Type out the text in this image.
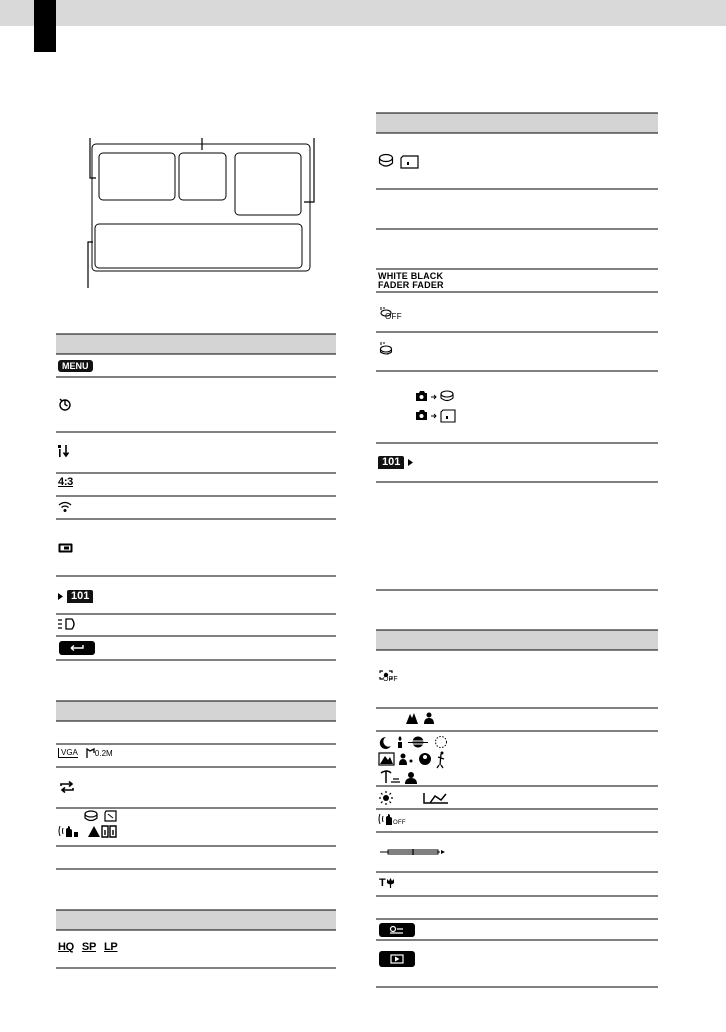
MENU
4:3
101
VGA 0.2M
HQ SP LP
WHITE BLACK
FADER FADER
OFF
101
OFF
OFF
T
